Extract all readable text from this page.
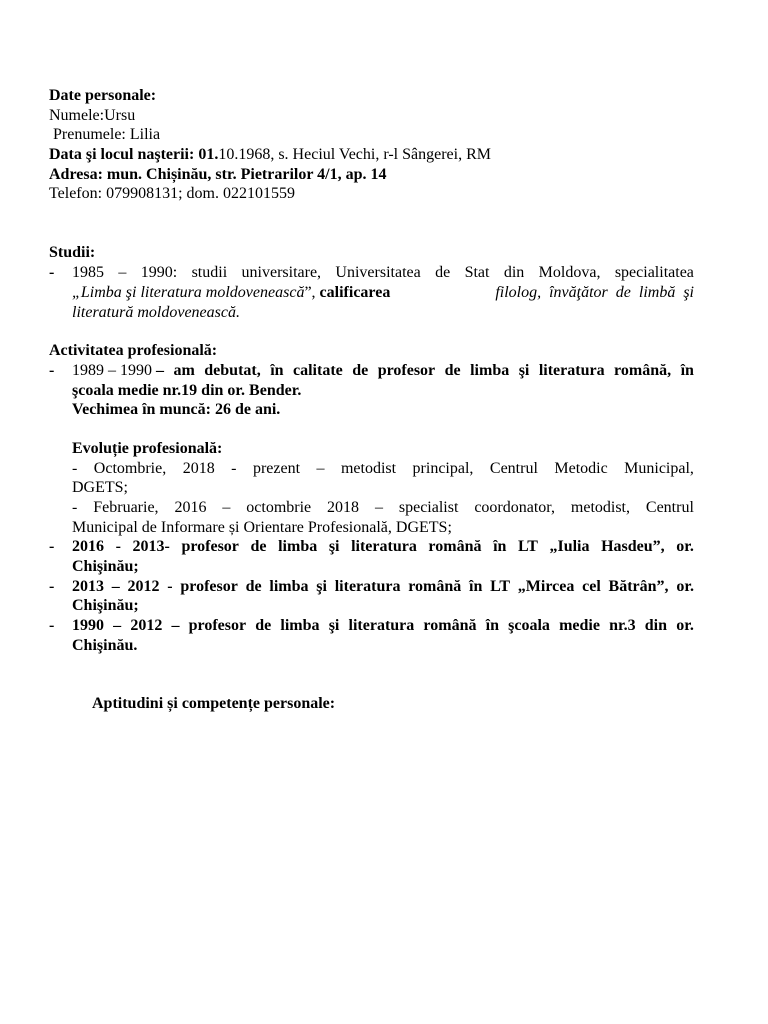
Date personale:
Numele:Ursu
Prenumele: Lilia
Data şi locul naşterii: 01.10.1968, s. Heciul Vechi, r-l Sângerei, RM
Adresa: mun. Chișinău, str. Pietrarilor 4/1, ap. 14
Telefon: 079908131; dom. 022101559
Studii:
-	1985 – 1990: studii universitare, Universitatea de Stat din Moldova, specialitatea
„Limba şi literatura moldovenească”, calificarea	filolog,  învăţător  de  limbă  şi
literatură moldovenească.
Activitatea profesională:
-	1989 – 1990 – am debutat, în calitate de profesor de limba şi literatura română, în
şcoala medie nr.19 din or. Bender.
Vechimea în muncă: 26 de ani.
Evoluție profesională:
- Octombrie, 2018 - prezent – metodist principal, Centrul Metodic Municipal,
DGETS;
- Februarie, 2016 – octombrie 2018 – specialist coordonator, metodist, Centrul
Municipal de Informare și Orientare Profesională, DGETS;
-	2016 - 2013- profesor de limba şi literatura română în LT „Iulia Hasdeu”, or.
Chişinău;
-	2013 – 2012 - profesor de limba şi literatura română în LT „Mircea cel Bătrân”, or.
Chişinău;
-	1990 – 2012 – profesor de limba şi literatura română în şcoala medie nr.3 din or.
Chişinău.
Aptitudini și competențe personale:
